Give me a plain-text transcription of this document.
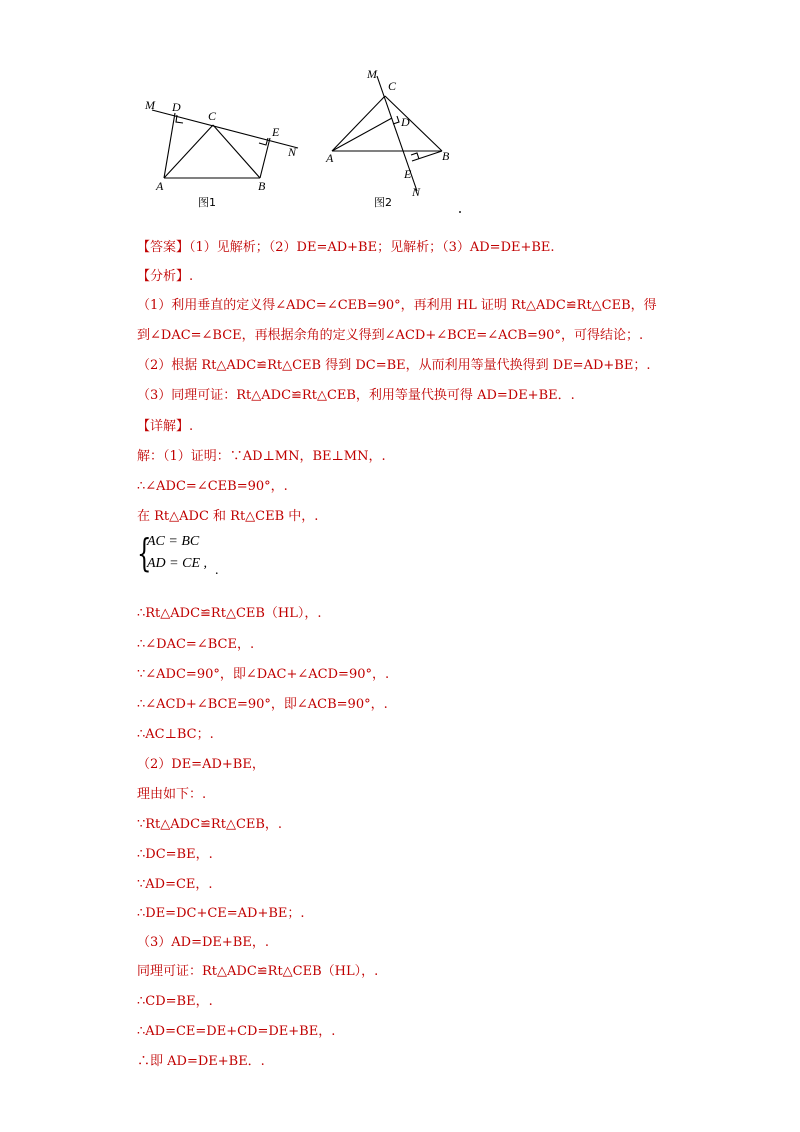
M D
C
E
N
A	B
图1
M
C
D
A	B
E
N
图2
【答案】（1）见解析；（2）DE=AD+BE；见解析；（3）AD=DE+BE.
【分析】.
（1）利用垂直的定义得∠ADC=∠CEB=90°，再利用 HL 证明 Rt△ADC≌Rt△CEB，得
到∠DAC=∠BCE，再根据余角的定义得到∠ACD+∠BCE=∠ACB=90°，可得结论；.
（2）根据 Rt△ADC≌Rt△CEB 得到 DC=BE，从而利用等量代换得到 DE=AD+BE；.
（3）同理可证：Rt△ADC≌Rt△CEB，利用等量代换可得 AD=DE+BE．.
【详解】.
解：（1）证明：∵AD⊥MN，BE⊥MN，.
∴∠ADC=∠CEB=90°，.
在 Rt△ADC 和 Rt△CEB 中，.
{
AC = BC
AD = CE , .
∴Rt△ADC≌Rt△CEB（HL），.
∴∠DAC=∠BCE，.
∵∠ADC=90°，即∠DAC+∠ACD=90°，.
∴∠ACD+∠BCE=90°，即∠ACB=90°，.
∴AC⊥BC；.
（2）DE=AD+BE，
理由如下：.
∵Rt△ADC≌Rt△CEB，.
∴DC=BE，.
∵AD=CE，.
∴DE=DC+CE=AD+BE；.
（3）AD=DE+BE，.
同理可证：Rt△ADC≌Rt△CEB（HL），.
∴CD=BE，.
∴AD=CE=DE+CD=DE+BE，.
∴即 AD=DE+BE．.
